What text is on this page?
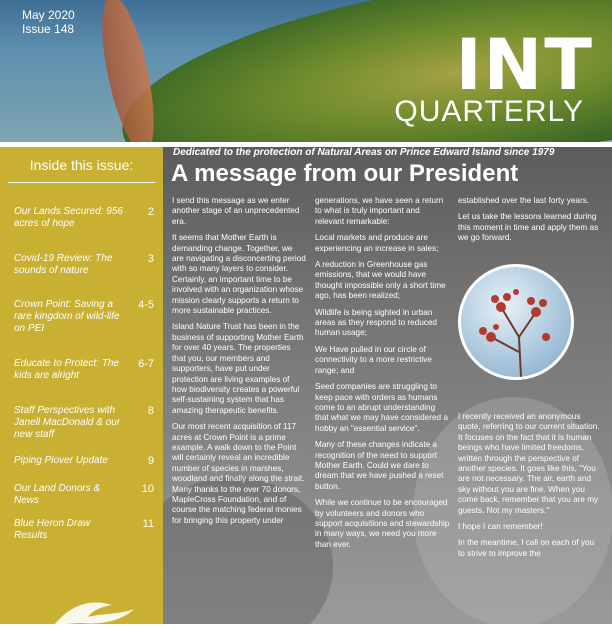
May 2020
Issue 148	INT
QUARTERLY
Inside this issue:
Our Lands Secured: 956 acres of hope
2
Covid-19 Review: The sounds of nature
3
Crown Point: Saving a rare kingdom of wild-life on PEI
4-5
Educate to Protect: The kids are alright
6-7
Staff Perspectives with Janell MacDonald & our new staff
8
Piping Plover Update	9
Our Land Donors & News
10
Blue Heron Draw Results
11
Dedicated to the protection of Natural Areas on Prince Edward Island since 1979
A message from our President

I send this message as we enter another stage of an unprecedented era.

It seems that Mother Earth is demanding change. Together, we are navigating a disconcerting period with so many layers to consider. Certainly, an important time to be involved with an organization whose mission clearly supports a return to more sustainable practices.

Island Nature Trust has been in the business of supporting Mother Earth for over 40 years. The properties that you, our members and supporters, have put under protection are living examples of how biodiversity creates a powerful self-sustaining system that has amazing therapeutic benefits.

Our most recent acquisition of 117 acres at Crown Point is a prime example. A walk down to the Point will certainly reveal an incredible number of species in marshes, woodland and finally along the strait. Many thanks to the over 70 donors, MapleCross Foundation, and of course the matching federal monies for bringing this property under

generations, we have seen a return to what is truly important and relevant remarkable:

Local markets and produce are experiencing an increase in sales;

A reduction in Greenhouse gas emissions, that we would have thought impossible only a short time ago, has been realized;

Wildlife is being sighted in urban areas as they respond to reduced human usage;

We Have pulled in our circle of connectivity to a more restrictive range; and

Seed companies are struggling to keep pace with orders as humans come to an abrupt understanding that what we may have considered a hobby an "essential service".

Many of these changes indicate a recognition of the need to support Mother Earth. Could we dare to dream that we have pushed a reset button.

While we continue to be encouraged by volunteers and donors who support acquisitions and stewardship in many ways, we need you more than ever.

established over the last forty years.

Let us take the lessons learned during this moment in time and apply them as we go forward.

I recently received an anonymous quote, referring to our current situation. It focuses on the fact that it is human beings who have limited freedoms, written through the perspective of another species. It goes like this, "You are not necessary. The air, earth and sky without you are fine. When you come back, remember that you are my guests. Not my masters."

I hope I can remember!

In the meantime, I call on each of you to strive to improve the
